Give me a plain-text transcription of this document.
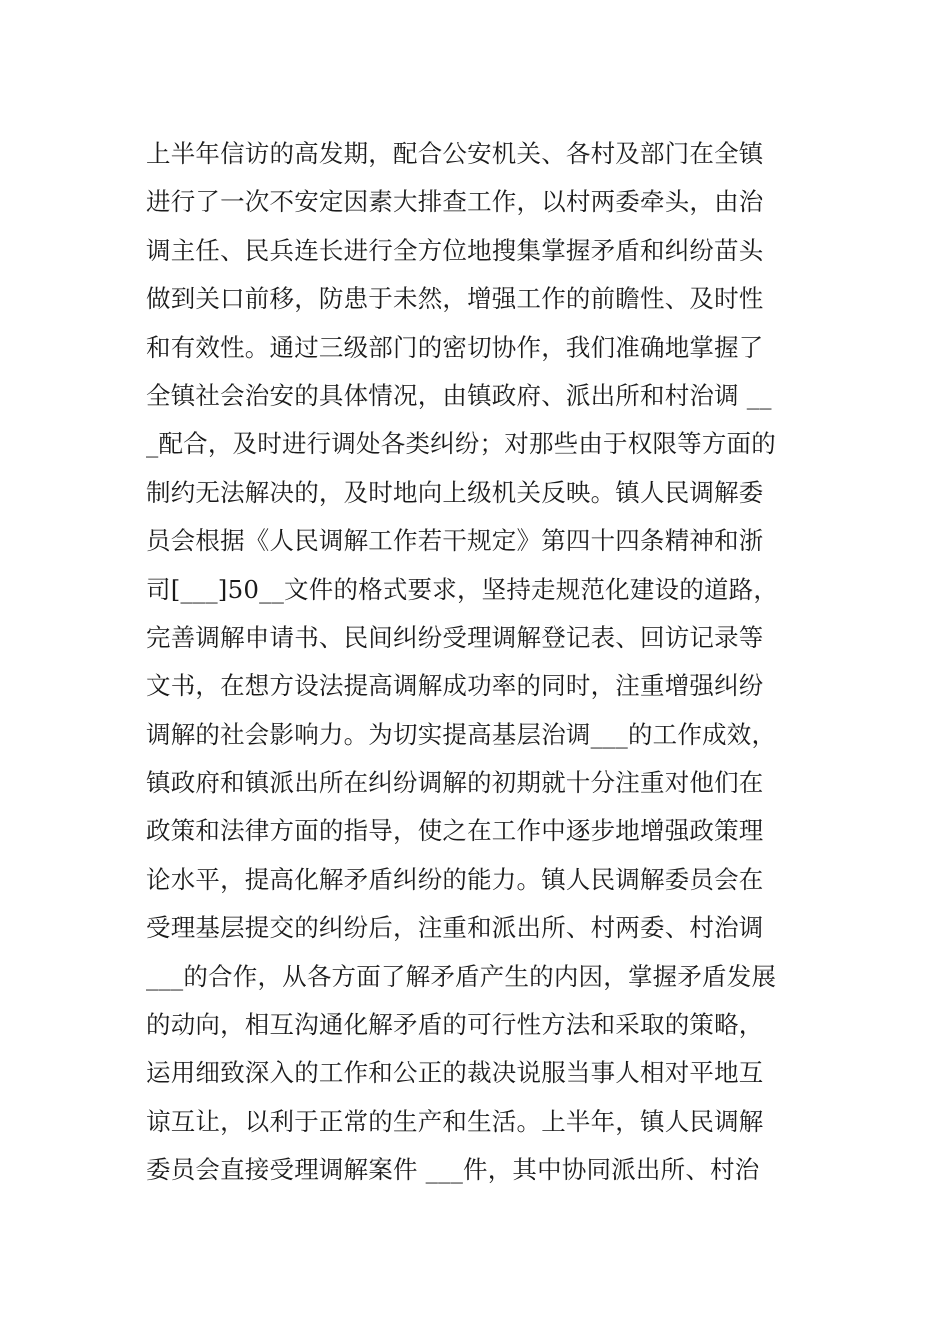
上半年信访的高发期，配合公安机关、各村及部门在全镇
进行了一次不安定因素大排查工作，以村两委牵头，由治
调主任、民兵连长进行全方位地搜集掌握矛盾和纠纷苗头
做到关口前移，防患于未然，增强工作的前瞻性、及时性
和有效性。通过三级部门的密切协作，我们准确地掌握了
全镇社会治安的具体情况，由镇政府、派出所和村治调 __
_配合，及时进行调处各类纠纷；对那些由于权限等方面的
制约无法解决的，及时地向上级机关反映。镇人民调解委
员会根据《人民调解工作若干规定》第四十四条精神和浙
司[___]50__文件的格式要求，坚持走规范化建设的道路，
完善调解申请书、民间纠纷受理调解登记表、回访记录等
文书，在想方设法提高调解成功率的同时，注重增强纠纷
调解的社会影响力。为切实提高基层治调___的工作成效，
镇政府和镇派出所在纠纷调解的初期就十分注重对他们在
政策和法律方面的指导，使之在工作中逐步地增强政策理
论水平，提高化解矛盾纠纷的能力。镇人民调解委员会在
受理基层提交的纠纷后，注重和派出所、村两委、村治调
___的合作，从各方面了解矛盾产生的内因，掌握矛盾发展
的动向，相互沟通化解矛盾的可行性方法和采取的策略，
运用细致深入的工作和公正的裁决说服当事人相对平地互
谅互让，以利于正常的生产和生活。上半年，镇人民调解
委员会直接受理调解案件 ___件，其中协同派出所、村治
